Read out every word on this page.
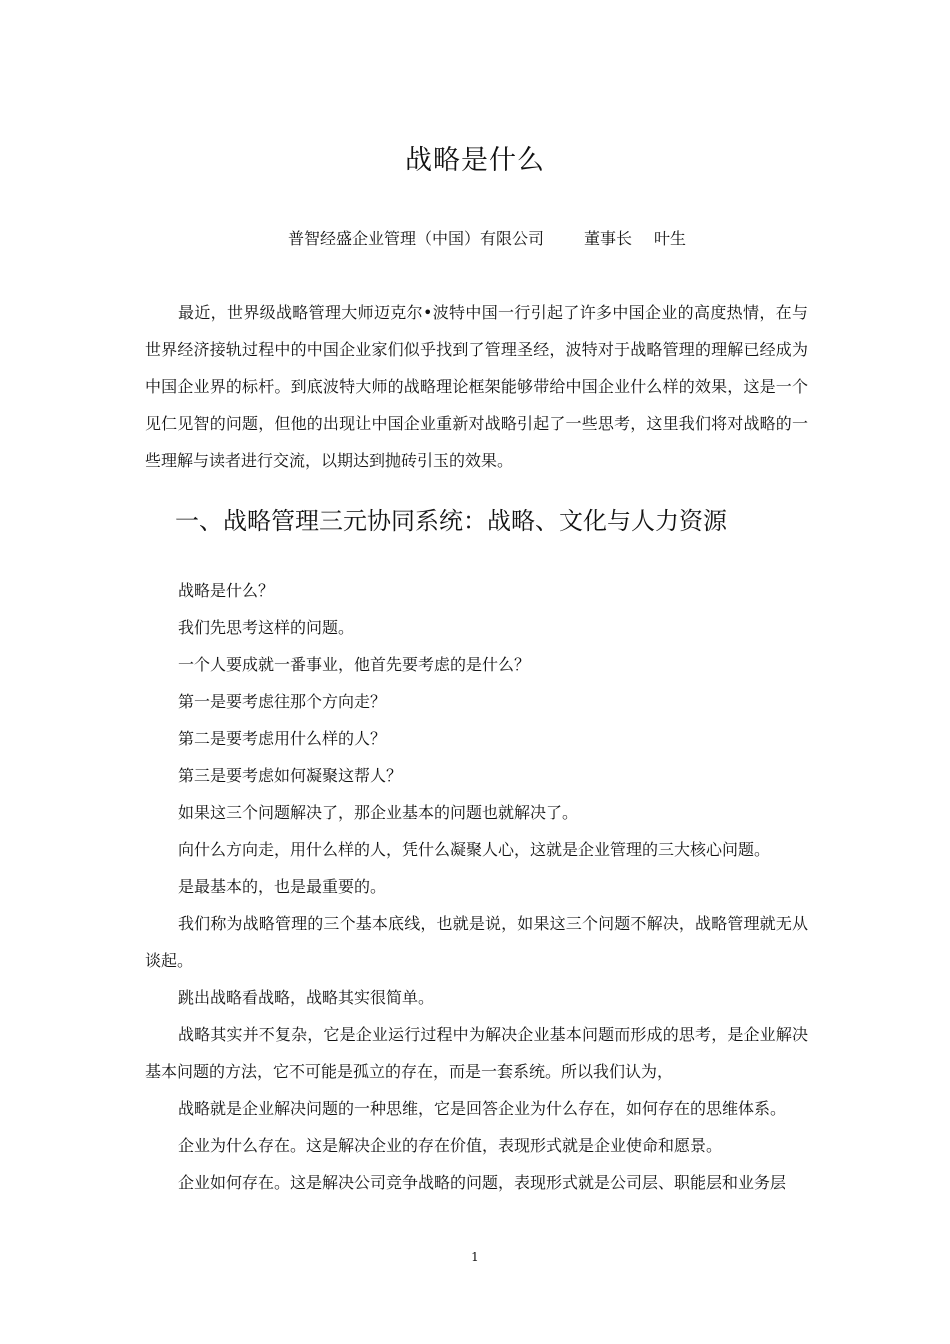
战略是什么
普智经盛企业管理（中国）有限公司	董事长 叶生

最近，世界级战略管理大师迈克尔•波特中国一行引起了许多中国企业的高度热情，在与世界经济接轨过程中的中国企业家们似乎找到了管理圣经，波特对于战略管理的理解已经成为中国企业界的标杆。到底波特大师的战略理论框架能够带给中国企业什么样的效果，这是一个见仁见智的问题，但他的出现让中国企业重新对战略引起了一些思考，这里我们将对战略的一些理解与读者进行交流，以期达到抛砖引玉的效果。

一、战略管理三元协同系统：战略、文化与人力资源

战略是什么？

我们先思考这样的问题。

一个人要成就一番事业，他首先要考虑的是什么？

第一是要考虑往那个方向走？

第二是要考虑用什么样的人？

第三是要考虑如何凝聚这帮人？

如果这三个问题解决了，那企业基本的问题也就解决了。

向什么方向走，用什么样的人，凭什么凝聚人心，这就是企业管理的三大核心问题。

是最基本的，也是最重要的。

我们称为战略管理的三个基本底线，也就是说，如果这三个问题不解决，战略管理就无从谈起。

跳出战略看战略，战略其实很简单。

战略其实并不复杂，它是企业运行过程中为解决企业基本问题而形成的思考，是企业解决基本问题的方法，它不可能是孤立的存在，而是一套系统。所以我们认为，

战略就是企业解决问题的一种思维，它是回答企业为什么存在，如何存在的思维体系。

企业为什么存在。这是解决企业的存在价值，表现形式就是企业使命和愿景。

企业如何存在。这是解决公司竞争战略的问题，表现形式就是公司层、职能层和业务层

1
